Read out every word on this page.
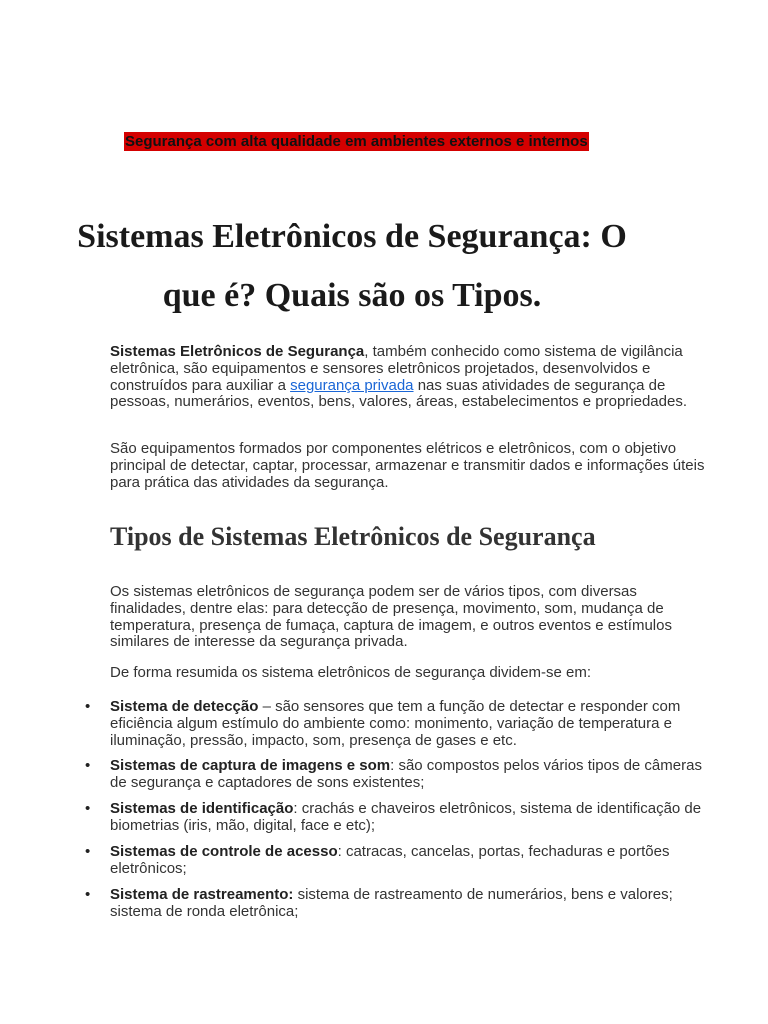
Segurança com alta qualidade em ambientes externos e internos
Sistemas Eletrônicos de Segurança: O
que é? Quais são os Tipos.

Sistemas Eletrônicos de Segurança, também conhecido como sistema de vigilância eletrônica, são equipamentos e sensores eletrônicos projetados, desenvolvidos e construídos para auxiliar a segurança privada nas suas atividades de segurança de pessoas, numerários, eventos, bens, valores, áreas, estabelecimentos e propriedades.

São equipamentos formados por componentes elétricos e eletrônicos, com o objetivo principal de detectar, captar, processar, armazenar e transmitir dados e informações úteis para prática das atividades da segurança.

Tipos de Sistemas Eletrônicos de Segurança

Os sistemas eletrônicos de segurança podem ser de vários tipos, com diversas finalidades, dentre elas: para detecção de presença, movimento, som, mudança de temperatura, presença de fumaça, captura de imagem, e outros eventos e estímulos similares de interesse da segurança privada.

De forma resumida os sistema eletrônicos de segurança dividem-se em:

• Sistema de detecção – são sensores que tem a função de detectar e responder com eficiência algum estímulo do ambiente como: monimento, variação de temperatura e iluminação, pressão, impacto, som, presença de gases e etc.
• Sistemas de captura de imagens e som: são compostos pelos vários tipos de câmeras de segurança e captadores de sons existentes;
• Sistemas de identificação: crachás e chaveiros eletrônicos, sistema de identificação de biometrias (iris, mão, digital, face e etc);
• Sistemas de controle de acesso: catracas, cancelas, portas, fechaduras e portões eletrônicos;
• Sistema de rastreamento: sistema de rastreamento de numerários, bens e valores; sistema de ronda eletrônica;
